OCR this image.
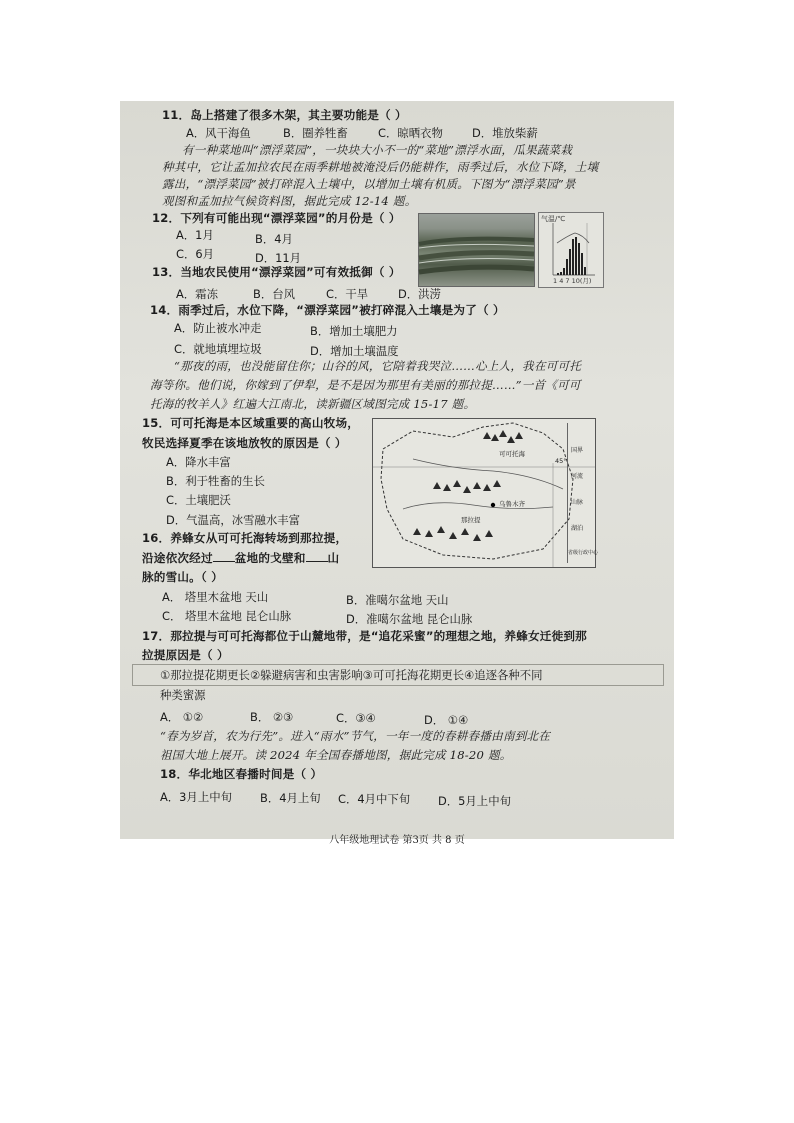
11．岛上搭建了很多木架，其主要功能是（ ）
A．风干海鱼	B．圈养牲畜	C．晾晒衣物	D．堆放柴薪
有一种菜地叫“漂浮菜园”，一块块大小不一的“菜地”漂浮水面，瓜果蔬菜栽
种其中，它让孟加拉农民在雨季耕地被淹没后仍能耕作，雨季过后，水位下降，土壤
露出，“漂浮菜园”被打碎混入土壤中，以增加土壤有机质。下图为“漂浮菜园”景
观图和孟加拉气候资料图，据此完成 12-14 题。
12．下列有可能出现“漂浮菜园”的月份是（ ）
A．1月	B．4月
C．6月	D．11月
气温/℃
1 4 7 10(月)
13．当地农民使用“漂浮菜园”可有效抵御（ ）
A．霜冻	B．台风	C．干旱	D．洪涝
14．雨季过后，水位下降，“漂浮菜园”被打碎混入土壤是为了（ ）
A．防止被水冲走	B．增加土壤肥力
C．就地填埋垃圾	D．增加土壤温度
“那夜的雨，也没能留住你；山谷的风，它陪着我哭泣……心上人，我在可可托
海等你。他们说，你嫁到了伊犁，是不是因为那里有美丽的那拉提……”一首《可可
托海的牧羊人》红遍大江南北，读新疆区域图完成 15-17 题。
15．可可托海是本区域重要的高山牧场，
牧民选择夏季在该地放牧的原因是（ ）
A．降水丰富
B．利于牲畜的生长
C．土壤肥沃
D．气温高，冰雪融水丰富
可可托海
那拉提
乌鲁木齐
45°
国界
河流
山脉
湖泊
省级行政中心
16．养蜂女从可可托海转场到那拉提，
沿途依次经过 盆地的戈壁和 山
脉的雪山。（ ）
A． 塔里木盆地 天山	B．准噶尔盆地 天山
C． 塔里木盆地 昆仑山脉	D．准噶尔盆地 昆仑山脉
17．那拉提与可可托海都位于山麓地带，是“追花采蜜”的理想之地，养蜂女迁徙到那
拉提原因是（ ）
①那拉提花期更长②躲避病害和虫害影响③可可托海花期更长④追逐各种不同
种类蜜源
A． ①②	B． ②③	C．③④	D． ①④
“春为岁首，农为行先”。进入“雨水”节气，一年一度的春耕春播由南到北在
祖国大地上展开。读 2024 年全国春播地图，据此完成 18-20 题。
18．华北地区春播时间是（ ）
A．3月上中旬 B．4月上旬 C．4月中下旬 D．5月上中旬
八年级地理试卷 第3页 共 8 页
